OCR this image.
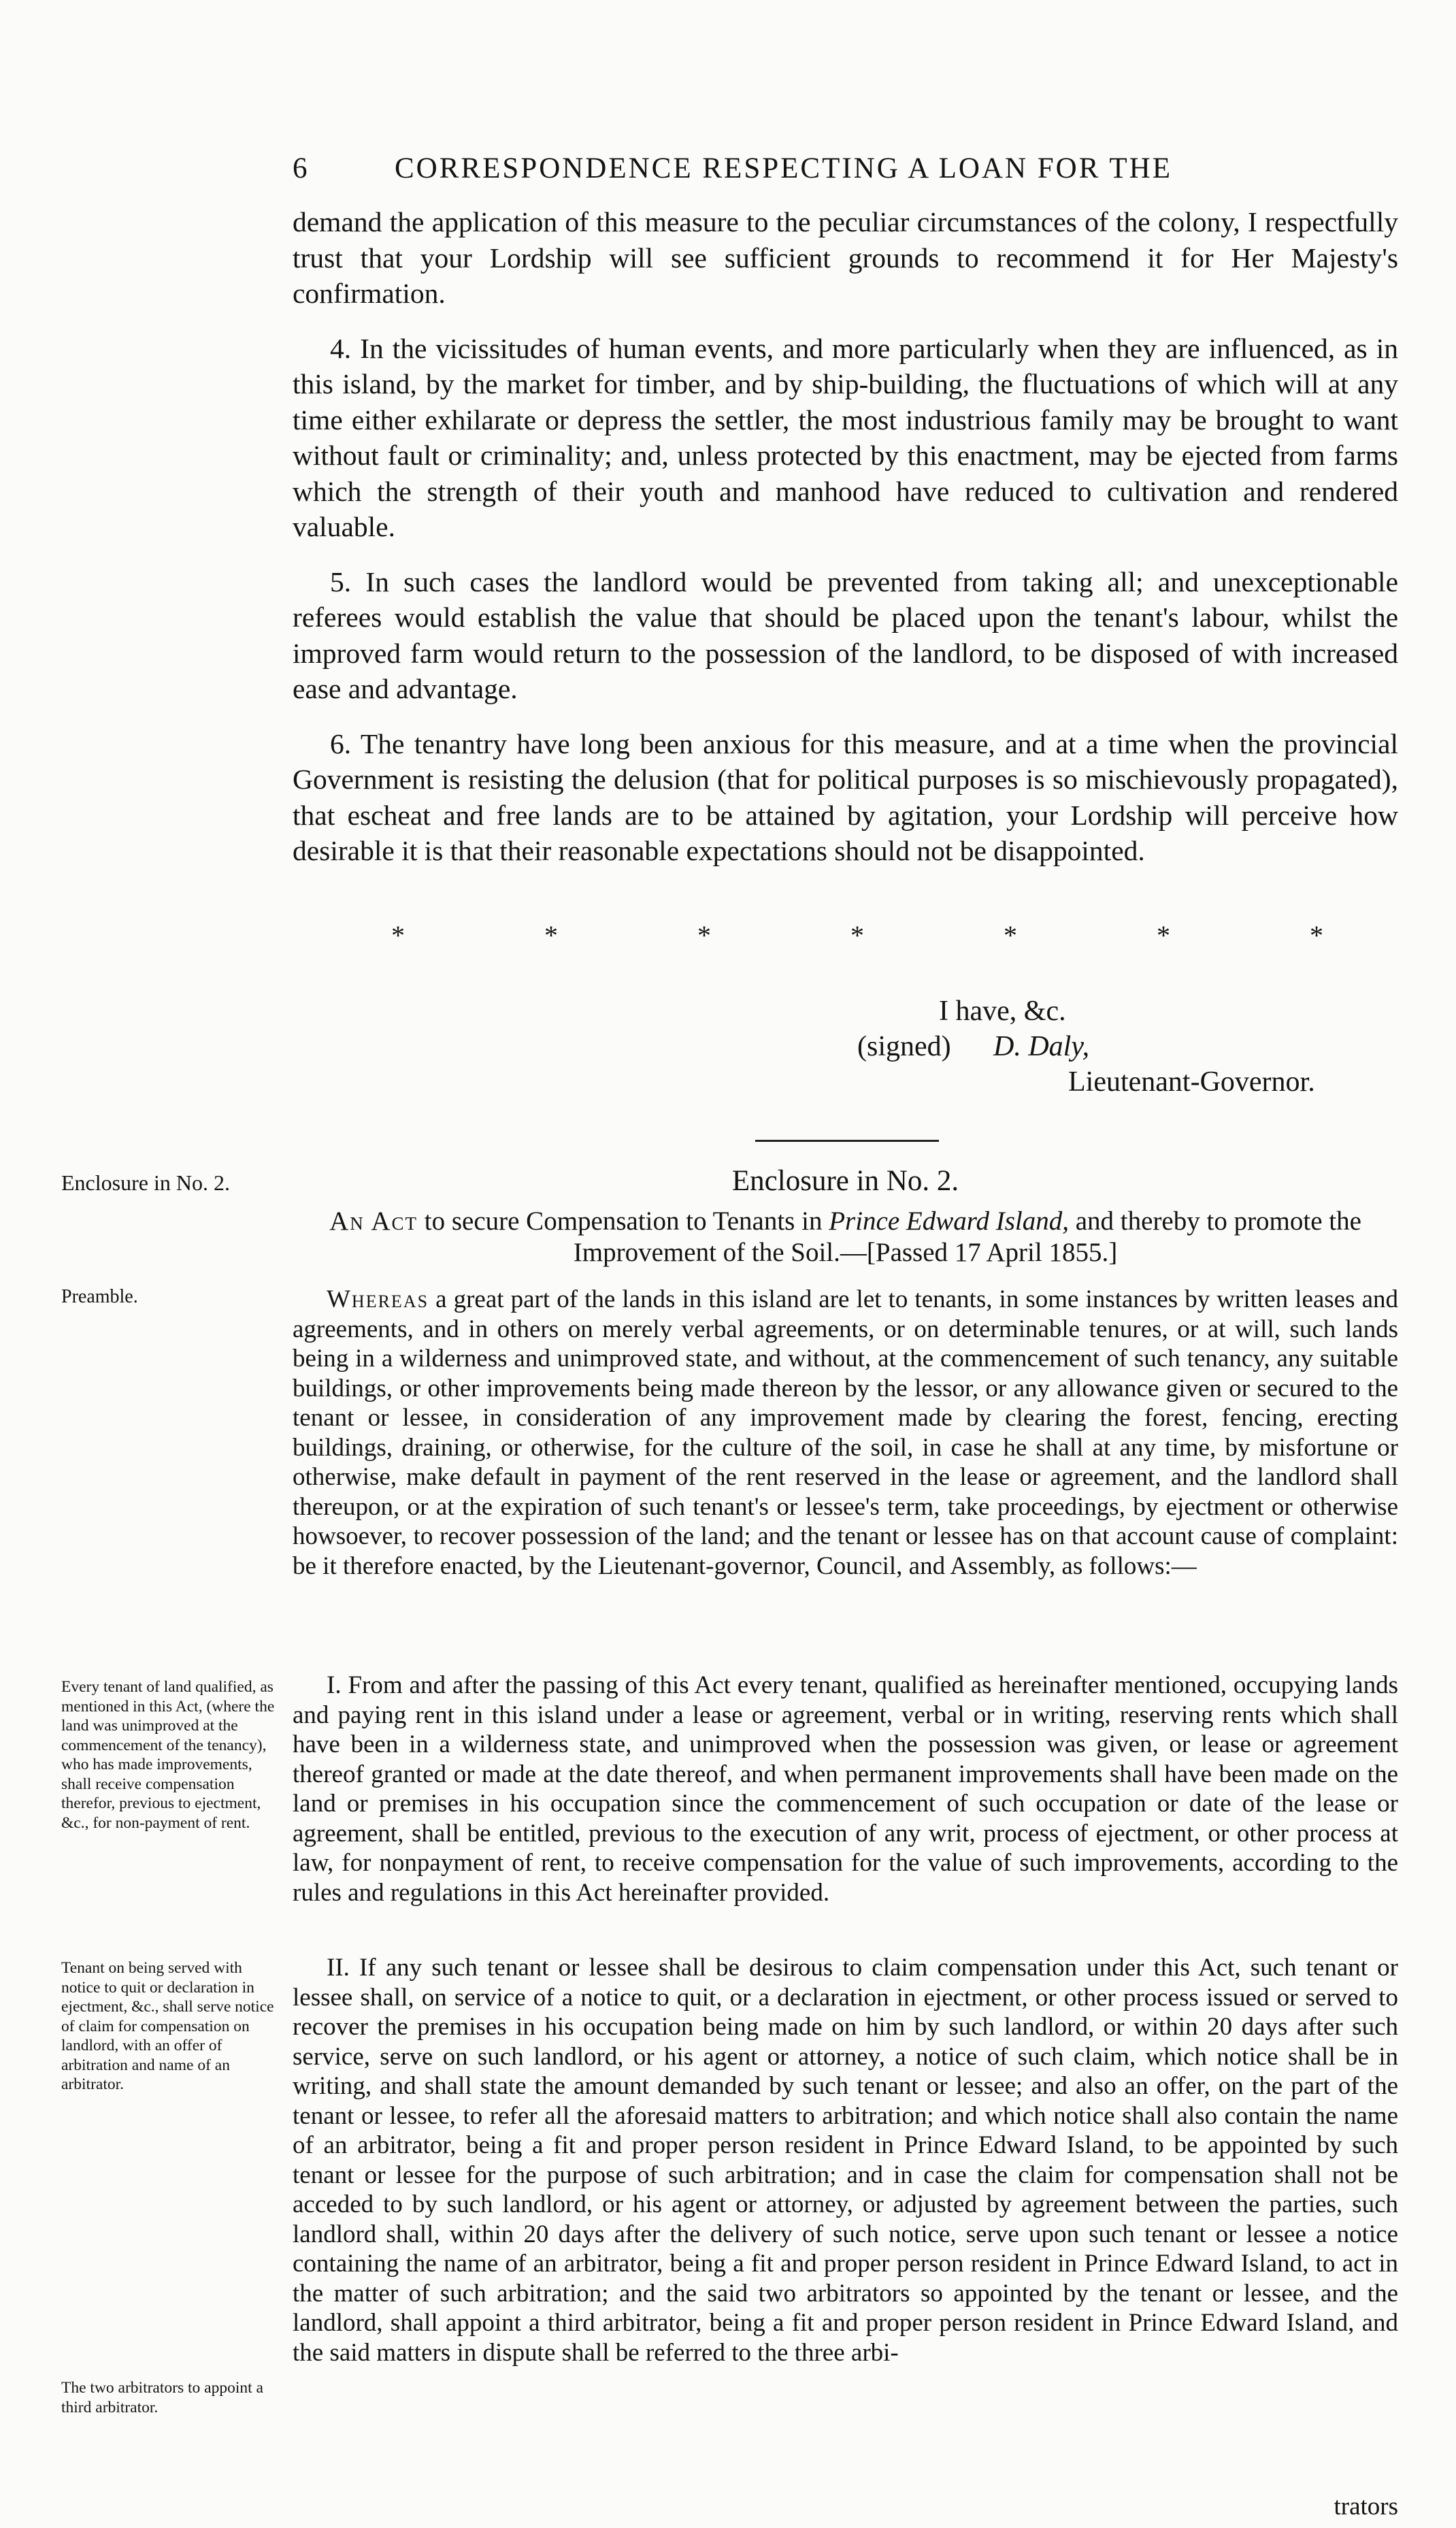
6	CORRESPONDENCE RESPECTING A LOAN FOR THE

demand the application of this measure to the peculiar circumstances of the colony, I respectfully trust that your Lordship will see sufficient grounds to recommend it for Her Majesty's confirmation.

4. In the vicissitudes of human events, and more particularly when they are influenced, as in this island, by the market for timber, and by ship-building, the fluctuations of which will at any time either exhilarate or depress the settler, the most industrious family may be brought to want without fault or criminality; and, unless protected by this enactment, may be ejected from farms which the strength of their youth and manhood have reduced to cultivation and rendered valuable.

5. In such cases the landlord would be prevented from taking all; and unexceptionable referees would establish the value that should be placed upon the tenant's labour, whilst the improved farm would return to the possession of the landlord, to be disposed of with increased ease and advantage.

6. The tenantry have long been anxious for this measure, and at a time when the provincial Government is resisting the delusion (that for political purposes is so mischievously propagated), that escheat and free lands are to be attained by agitation, your Lordship will perceive how desirable it is that their reasonable expectations should not be disappointed.

*	*	*	*	*	*	*
I have, &c.
(signed) D. Daly,
Lieutenant-Governor.
Enclosure in No. 2.	Enclosure in No. 2.
An Act to secure Compensation to Tenants in Prince Edward Island, and thereby to promote the Improvement of the Soil.—[Passed 17 April 1855.]
Preamble.	Whereas a great part of the lands in this island are let to tenants, in some instances by written leases and agreements, and in others on merely verbal agreements, or on determinable tenures, or at will, such lands being in a wilderness and unimproved state, and without, at the commencement of such tenancy, any suitable buildings, or other improvements being made thereon by the lessor, or any allowance given or secured to the tenant or lessee, in consideration of any improvement made by clearing the forest, fencing, erecting buildings, draining, or otherwise, for the culture of the soil, in case he shall at any time, by misfortune or otherwise, make default in payment of the rent reserved in the lease or agreement, and the landlord shall thereupon, or at the expiration of such tenant's or lessee's term, take proceedings, by ejectment or otherwise howsoever, to recover possession of the land; and the tenant or lessee has on that account cause of complaint: be it therefore enacted, by the Lieutenant-governor, Council, and Assembly, as follows:—

Every tenant of land qualified, as mentioned in this Act, (where the land was unimproved at the commencement of the tenancy), who has made improvements, shall receive compensation therefor, previous to ejectment, &c., for non-payment of rent.

I. From and after the passing of this Act every tenant, qualified as hereinafter mentioned, occupying lands and paying rent in this island under a lease or agreement, verbal or in writing, reserving rents which shall have been in a wilderness state, and unimproved when the possession was given, or lease or agreement thereof granted or made at the date thereof, and when permanent improvements shall have been made on the land or premises in his occupation since the commencement of such occupation or date of the lease or agreement, shall be entitled, previous to the execution of any writ, process of ejectment, or other process at law, for nonpayment of rent, to receive compensation for the value of such improvements, according to the rules and regulations in this Act hereinafter provided.

Tenant on being served with notice to quit or declaration in ejectment, &c., shall serve notice of claim for compensation on landlord, with an offer of arbitration and name of an arbitrator.
The two arbitrators to appoint a third arbitrator.

II. If any such tenant or lessee shall be desirous to claim compensation under this Act, such tenant or lessee shall, on service of a notice to quit, or a declaration in ejectment, or other process issued or served to recover the premises in his occupation being made on him by such landlord, or within 20 days after such service, serve on such landlord, or his agent or attorney, a notice of such claim, which notice shall be in writing, and shall state the amount demanded by such tenant or lessee; and also an offer, on the part of the tenant or lessee, to refer all the aforesaid matters to arbitration; and which notice shall also contain the name of an arbitrator, being a fit and proper person resident in Prince Edward Island, to be appointed by such tenant or lessee for the purpose of such arbitration; and in case the claim for compensation shall not be acceded to by such landlord, or his agent or attorney, or adjusted by agreement between the parties, such landlord shall, within 20 days after the delivery of such notice, serve upon such tenant or lessee a notice containing the name of an arbitrator, being a fit and proper person resident in Prince Edward Island, to act in the matter of such arbitration; and the said two arbitrators so appointed by the tenant or lessee, and the landlord, shall appoint a third arbitrator, being a fit and proper person resident in Prince Edward Island, and the said matters in dispute shall be referred to the three arbi-

trators
